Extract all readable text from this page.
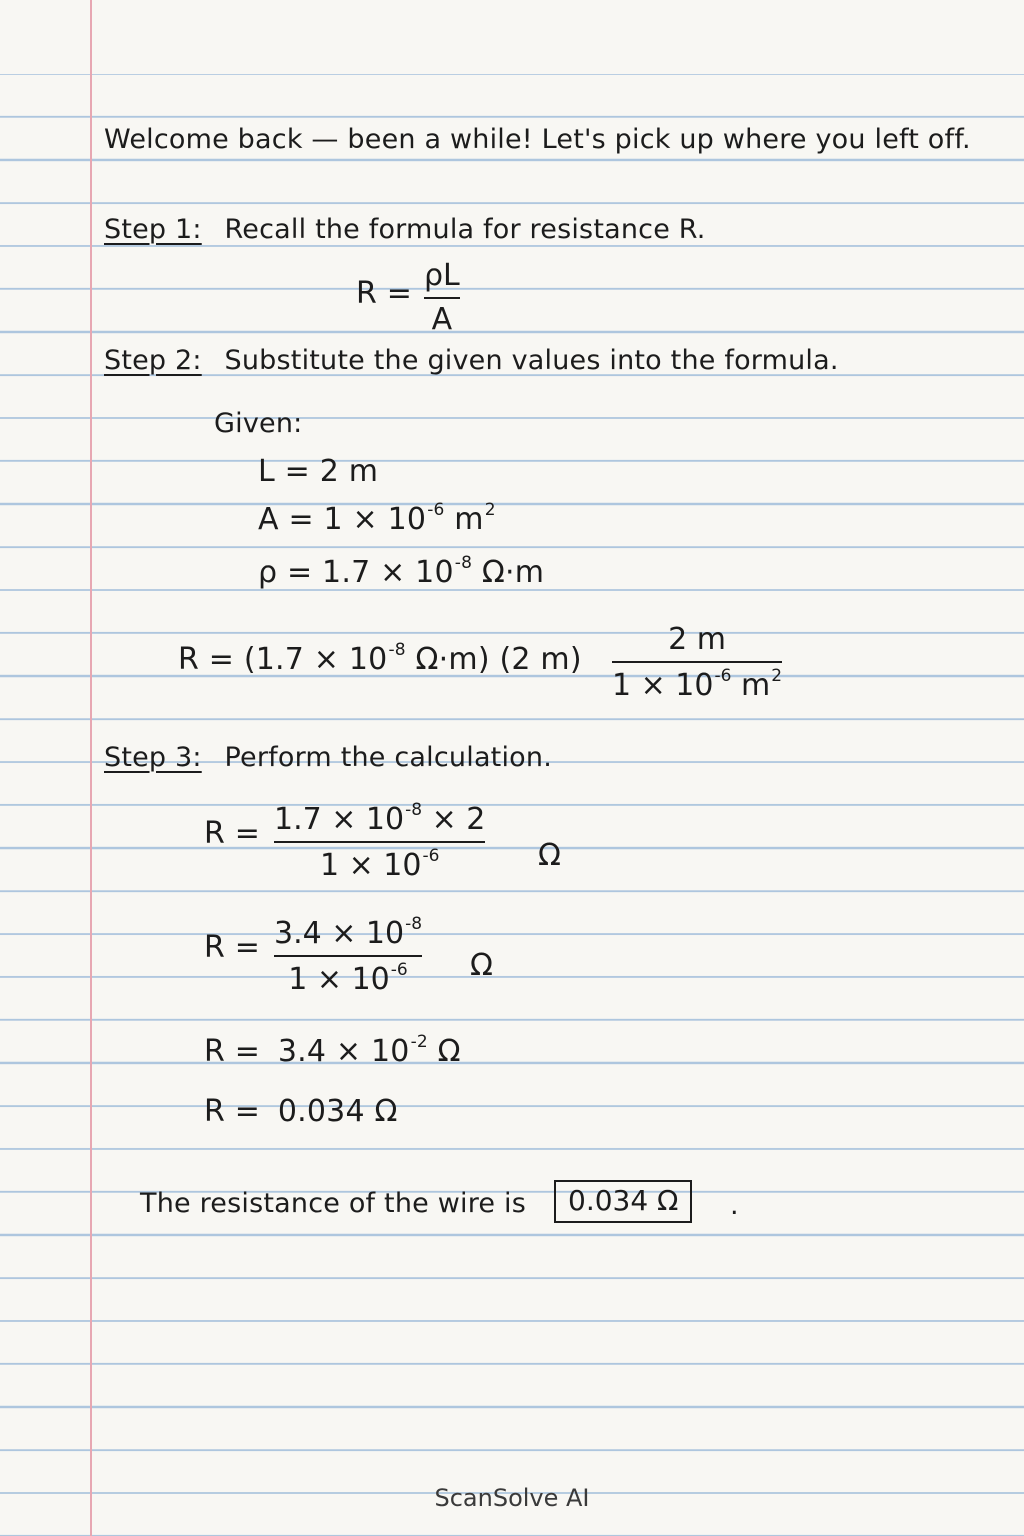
Welcome back — been a while! Let's pick up where you left off.
Step 1: Recall the formula for resistance R.
R =
ρL
A
Step 2: Substitute the given values into the formula.
Given:
L = 2 m
$A = 1 \times 10^{-6}$ $m^2$
$\rho = 1.7 \times 10^{-8}$ Ω·m
$R = (1.7 \times 10^{-8}$ Ω·m) (2 m)
2 m
$1 \times 10^{-6}$ $m^2$
Step 3: Perform the calculation.
$R = 1.7 \times 10^{-8} \times 2$
$1 \times 10^{-6}$	Ω
$R = 3.4 \times 10^{-8}$
$1 \times 10^{-6}$ Ω
$R = 3.4 \times 10^{-2}$ Ω
R = 0.034 Ω
The resistance of the wire is	0.034 Ω	.
ScanSolve AI
